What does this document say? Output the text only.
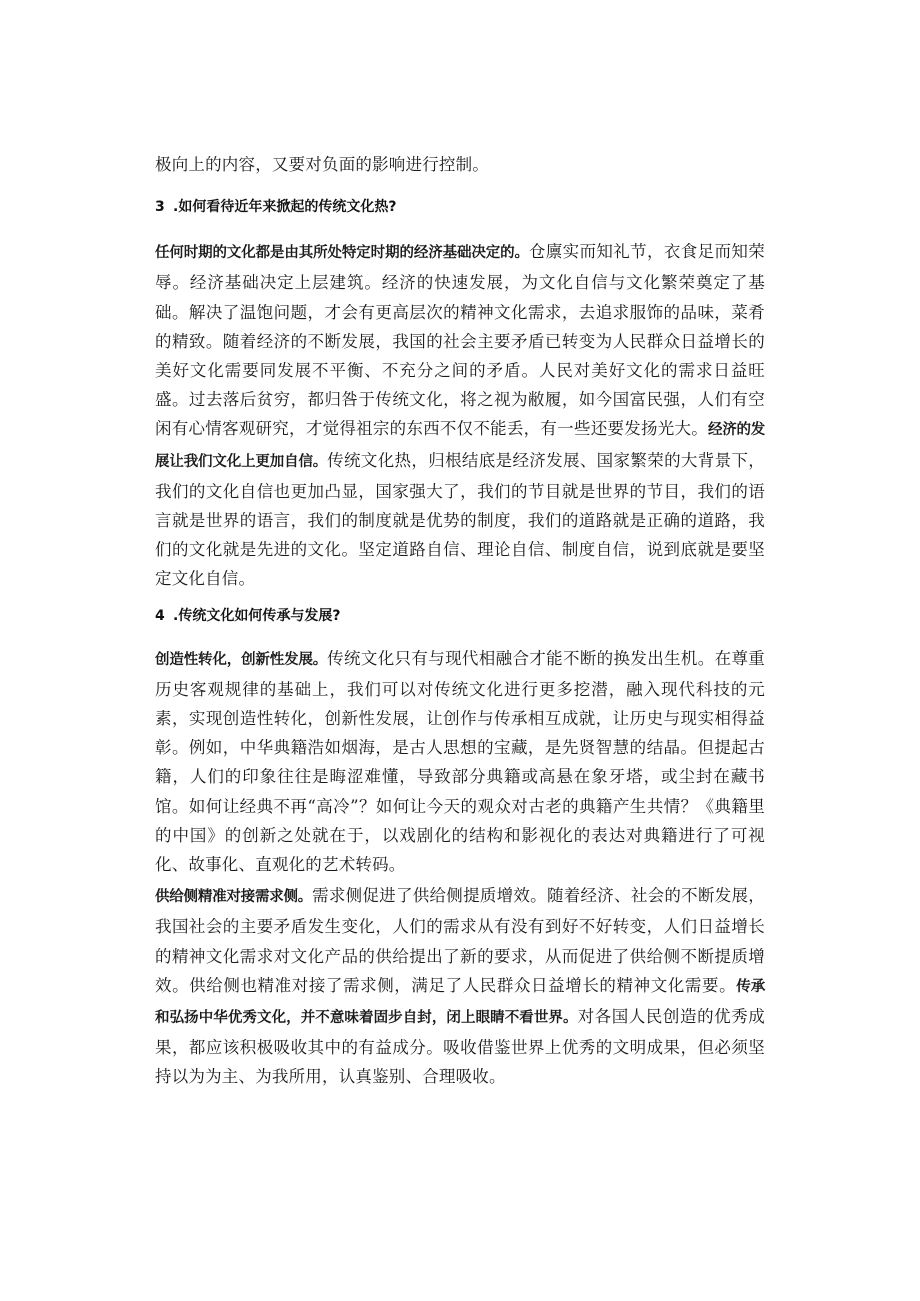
极向上的内容，又要对负面的影响进行控制。

3 .如何看待近年来掀起的传统文化热?

任何时期的文化都是由其所处特定时期的经济基础决定的。仓廪实而知礼节，衣食足而知荣辱。经济基础决定上层建筑。经济的快速发展，为文化自信与文化繁荣奠定了基础。解决了温饱问题，才会有更高层次的精神文化需求，去追求服饰的品味，菜肴的精致。随着经济的不断发展，我国的社会主要矛盾已转变为人民群众日益增长的美好文化需要同发展不平衡、不充分之间的矛盾。人民对美好文化的需求日益旺盛。过去落后贫穷，都归咎于传统文化，将之视为敝履，如今国富民强，人们有空闲有心情客观研究，才觉得祖宗的东西不仅不能丢，有一些还要发扬光大。经济的发展让我们文化上更加自信。传统文化热，归根结底是经济发展、国家繁荣的大背景下，我们的文化自信也更加凸显，国家强大了，我们的节目就是世界的节目，我们的语言就是世界的语言，我们的制度就是优势的制度，我们的道路就是正确的道路，我们的文化就是先进的文化。坚定道路自信、理论自信、制度自信，说到底就是要坚定文化自信。

4 .传统文化如何传承与发展?

创造性转化，创新性发展。传统文化只有与现代相融合才能不断的换发出生机。在尊重历史客观规律的基础上，我们可以对传统文化进行更多挖潜，融入现代科技的元素，实现创造性转化，创新性发展，让创作与传承相互成就，让历史与现实相得益彰。例如，中华典籍浩如烟海，是古人思想的宝藏，是先贤智慧的结晶。但提起古籍，人们的印象往往是晦涩难懂，导致部分典籍或高悬在象牙塔，或尘封在藏书馆。如何让经典不再“高冷”？如何让今天的观众对古老的典籍产生共情？《典籍里的中国》的创新之处就在于，以戏剧化的结构和影视化的表达对典籍进行了可视化、故事化、直观化的艺术转码。

供给侧精准对接需求侧。需求侧促进了供给侧提质增效。随着经济、社会的不断发展，我国社会的主要矛盾发生变化，人们的需求从有没有到好不好转变，人们日益增长的精神文化需求对文化产品的供给提出了新的要求，从而促进了供给侧不断提质增效。供给侧也精准对接了需求侧，满足了人民群众日益增长的精神文化需要。传承和弘扬中华优秀文化，并不意味着固步自封，闭上眼睛不看世界。对各国人民创造的优秀成果，都应该积极吸收其中的有益成分。吸收借鉴世界上优秀的文明成果，但必须坚持以为为主、为我所用，认真鉴别、合理吸收。
